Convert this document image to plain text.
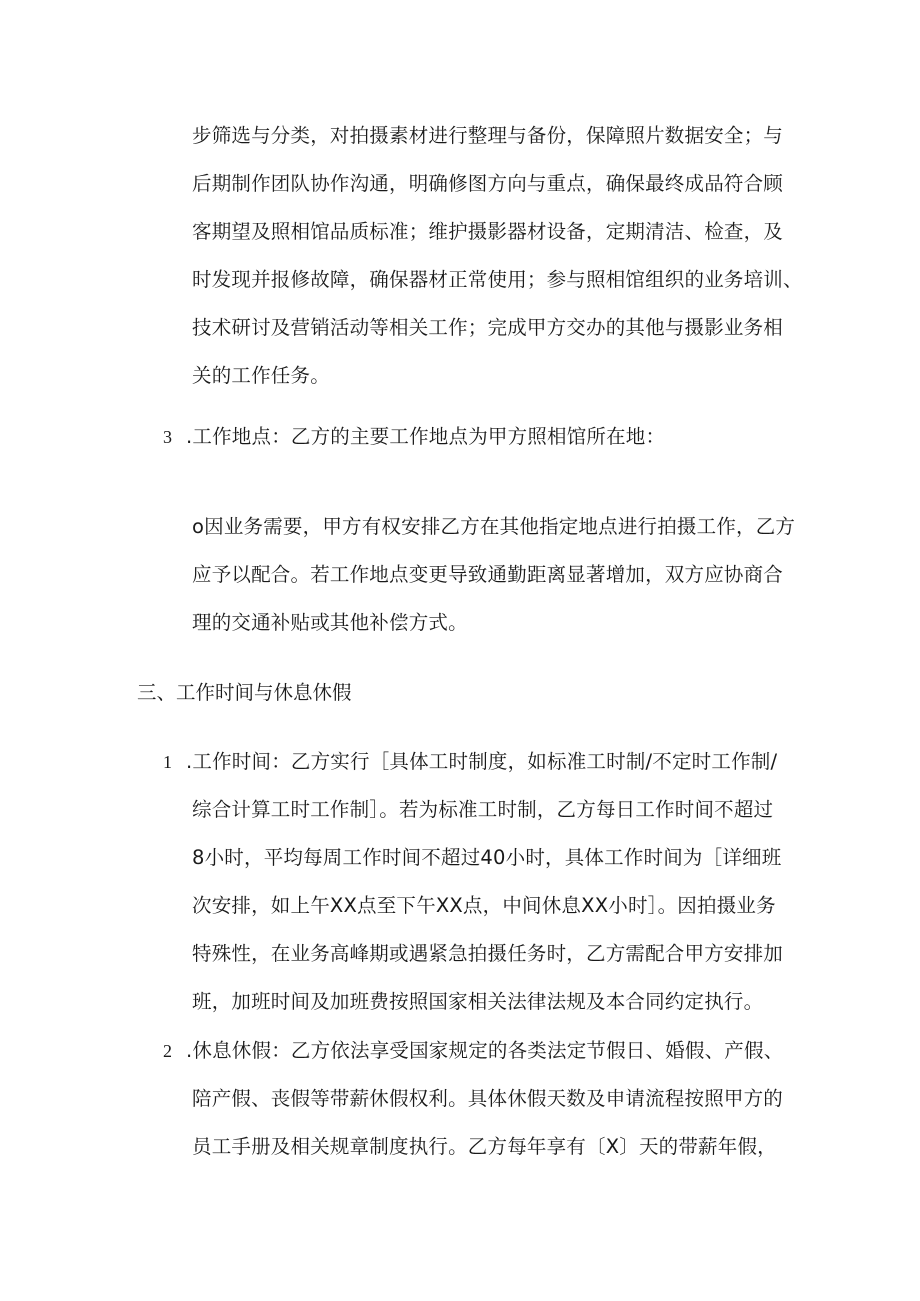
步筛选与分类，对拍摄素材进行整理与备份，保障照片数据安全；与
后期制作团队协作沟通，明确修图方向与重点，确保最终成品符合顾
客期望及照相馆品质标准；维护摄影器材设备，定期清洁、检查，及
时发现并报修故障，确保器材正常使用；参与照相馆组织的业务培训、
技术研讨及营销活动等相关工作；完成甲方交办的其他与摄影业务相
关的工作任务。
3 .工作地点：乙方的主要工作地点为甲方照相馆所在地：
o因业务需要，甲方有权安排乙方在其他指定地点进行拍摄工作，乙方
应予以配合。若工作地点变更导致通勤距离显著增加，双方应协商合
理的交通补贴或其他补偿方式。
三、工作时间与休息休假
1 .工作时间：乙方实行［具体工时制度，如标准工时制/不定时工作制/
综合计算工时工作制］。若为标准工时制，乙方每日工作时间不超过
8小时，平均每周工作时间不超过40小时，具体工作时间为［详细班
次安排，如上午XX点至下午XX点，中间休息XX小时］。因拍摄业务
特殊性，在业务高峰期或遇紧急拍摄任务时，乙方需配合甲方安排加
班，加班时间及加班费按照国家相关法律法规及本合同约定执行。
2 .休息休假：乙方依法享受国家规定的各类法定节假日、婚假、产假、
陪产假、丧假等带薪休假权利。具体休假天数及申请流程按照甲方的
员工手册及相关规章制度执行。乙方每年享有〔X〕天的带薪年假，
